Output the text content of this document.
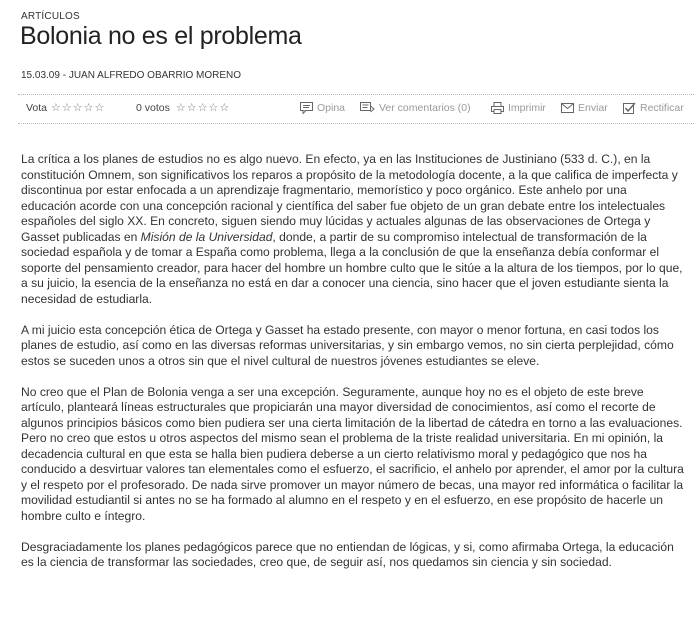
ARTÍCULOS
Bolonia no es el problema
15.03.09 - JUAN ALFREDO OBARRIO MORENO
Vota ☆ ☆ ☆ ☆ ☆	0 votos ☆ ☆ ☆ ☆ ☆	Opina	Ver comentarios (0)	Imprimir	Enviar	Rectificar

La crítica a los planes de estudios no es algo nuevo. En efecto, ya en las Instituciones de Justiniano (533 d. C.), en la constitución Omnem, son significativos los reparos a propósito de la metodología docente, a la que califica de imperfecta y discontinua por estar enfocada a un aprendizaje fragmentario, memorístico y poco orgánico. Este anhelo por una educación acorde con una concepción racional y científica del saber fue objeto de un gran debate entre los intelectuales españoles del siglo XX. En concreto, siguen siendo muy lúcidas y actuales algunas de las observaciones de Ortega y Gasset publicadas en Misión de la Universidad, donde, a partir de su compromiso intelectual de transformación de la sociedad española y de tomar a España como problema, llega a la conclusión de que la enseñanza debía conformar el soporte del pensamiento creador, para hacer del hombre un hombre culto que le sitúe a la altura de los tiempos, por lo que, a su juicio, la esencia de la enseñanza no está en dar a conocer una ciencia, sino hacer que el joven estudiante sienta la necesidad de estudiarla.

A mi juicio esta concepción ética de Ortega y Gasset ha estado presente, con mayor o menor fortuna, en casi todos los planes de estudio, así como en las diversas reformas universitarias, y sin embargo vemos, no sin cierta perplejidad, cómo estos se suceden unos a otros sin que el nivel cultural de nuestros jóvenes estudiantes se eleve.

No creo que el Plan de Bolonia venga a ser una excepción. Seguramente, aunque hoy no es el objeto de este breve artículo, planteará líneas estructurales que propiciarán una mayor diversidad de conocimientos, así como el recorte de algunos principios básicos como bien pudiera ser una cierta limitación de la libertad de cátedra en torno a las evaluaciones. Pero no creo que estos u otros aspectos del mismo sean el problema de la triste realidad universitaria. En mi opinión, la decadencia cultural en que esta se halla bien pudiera deberse a un cierto relativismo moral y pedagógico que nos ha conducido a desvirtuar valores tan elementales como el esfuerzo, el sacrificio, el anhelo por aprender, el amor por la cultura y el respeto por el profesorado. De nada sirve promover un mayor número de becas, una mayor red informática o facilitar la movilidad estudiantil si antes no se ha formado al alumno en el respeto y en el esfuerzo, en ese propósito de hacerle un hombre culto e íntegro.

Desgraciadamente los planes pedagógicos parece que no entiendan de lógicas, y si, como afirmaba Ortega, la educación es la ciencia de transformar las sociedades, creo que, de seguir así, nos quedamos sin ciencia y sin sociedad.
